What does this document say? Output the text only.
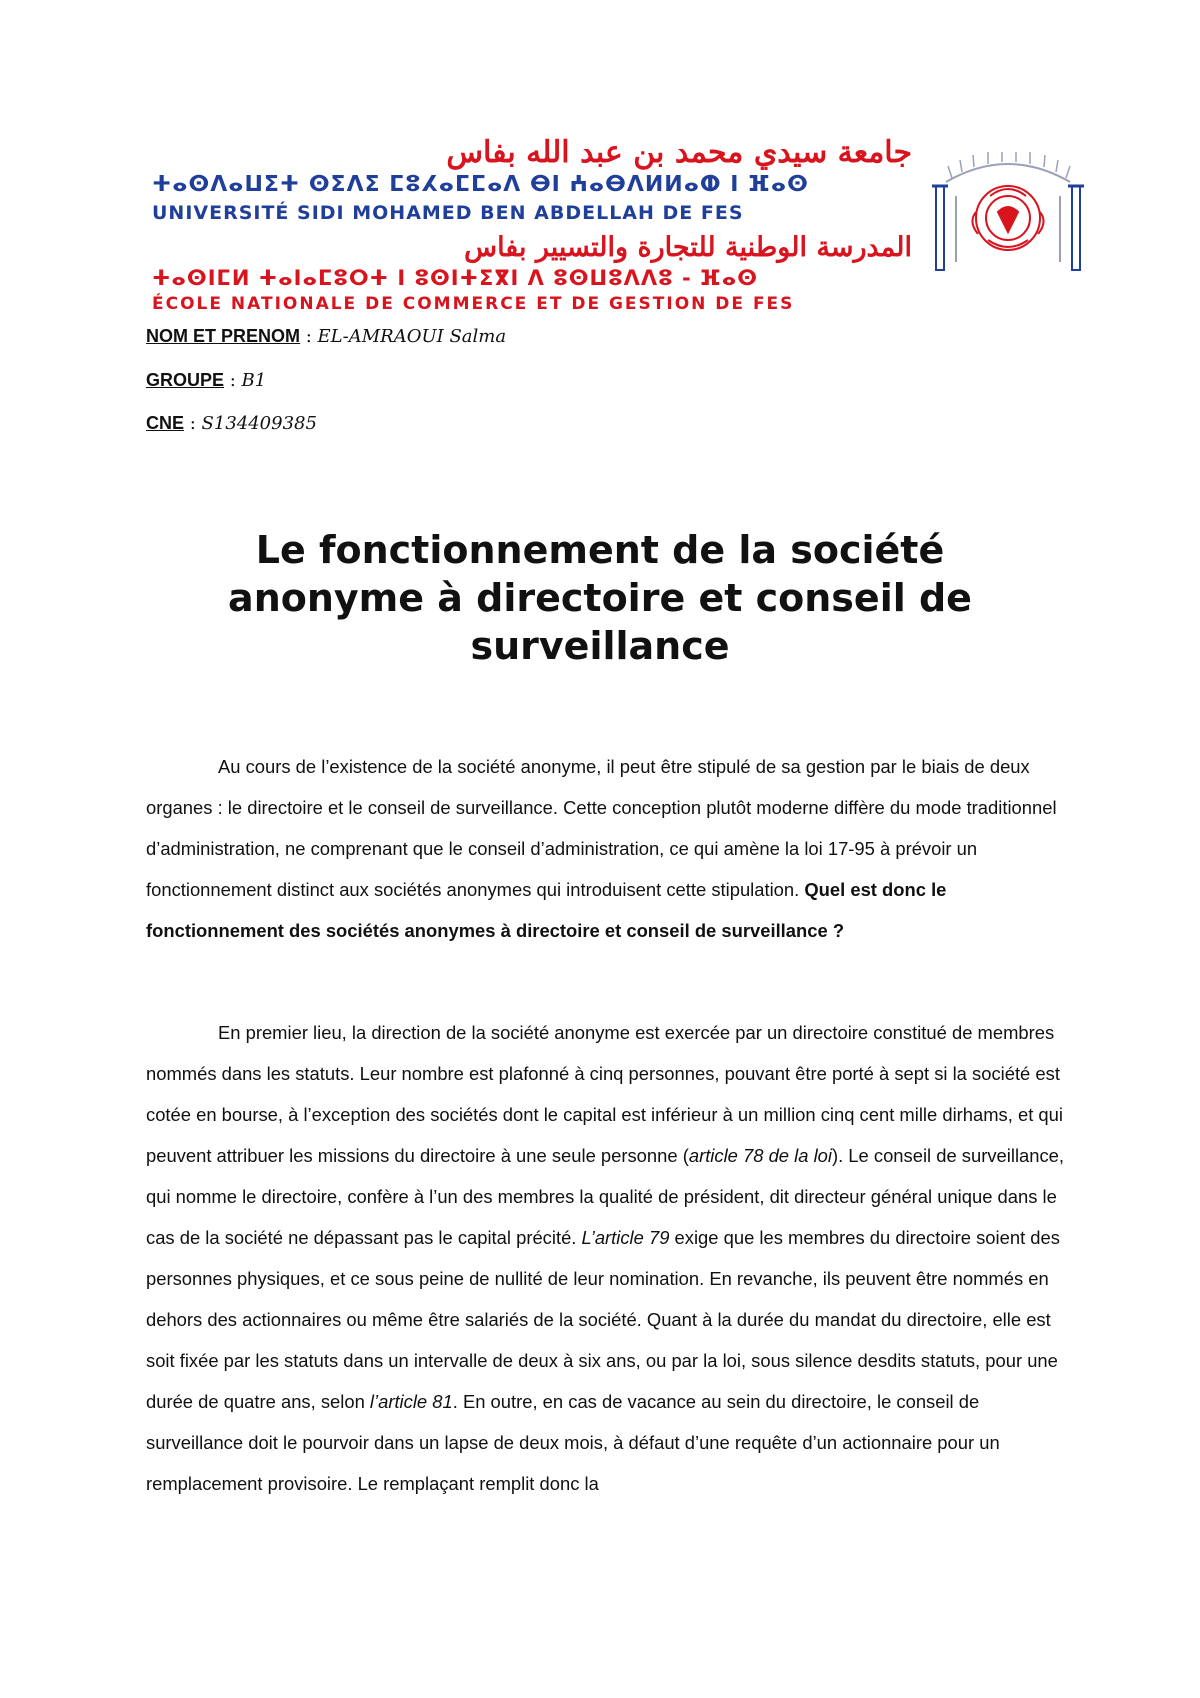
جامعة سيدي محمد بن عبد الله بفاس
ⵜⴰⵙⴷⴰⵡⵉⵜ ⵙⵉⴷⵉ ⵎⵓⵃⴰⵎⵎⴰⴷ ⴱⵏ ⵄⴰⴱⴷⵍⵍⴰⵀ ⵏ ⴼⴰⵙ
UNIVERSITÉ SIDI MOHAMED BEN ABDELLAH DE FES
المدرسة الوطنية للتجارة والتسيير بفاس
ⵜⴰⵙⵏⵎⵍ ⵜⴰⵏⴰⵎⵓⵔⵜ ⵏ ⵓⵙⵏⵜⵉⴳⵏ ⴷ ⵓⵙⵡⵓⴷⴷⵓ - ⴼⴰⵙ
ÉCOLE NATIONALE DE COMMERCE ET DE GESTION DE FES
NOM ET PRENOM : EL-AMRAOUI Salma
GROUPE : B1
CNE : S134409385
Le fonctionnement de la société
anonyme à directoire et conseil de
surveillance

Au cours de l’existence de la société anonyme, il peut être stipulé de sa gestion par le biais de deux organes : le directoire et le conseil de surveillance. Cette conception plutôt moderne diffère du mode traditionnel d’administration, ne comprenant que le conseil d’administration, ce qui amène la loi 17-95 à prévoir un fonctionnement distinct aux sociétés anonymes qui introduisent cette stipulation. Quel est donc le fonctionnement des sociétés anonymes à directoire et conseil de surveillance ?

En premier lieu, la direction de la société anonyme est exercée par un directoire constitué de membres nommés dans les statuts. Leur nombre est plafonné à cinq personnes, pouvant être porté à sept si la société est cotée en bourse, à l’exception des sociétés dont le capital est inférieur à un million cinq cent mille dirhams, et qui peuvent attribuer les missions du directoire à une seule personne (article 78 de la loi). Le conseil de surveillance, qui nomme le directoire, confère à l’un des membres la qualité de président, dit directeur général unique dans le cas de la société ne dépassant pas le capital précité. L’article 79 exige que les membres du directoire soient des personnes physiques, et ce sous peine de nullité de leur nomination. En revanche, ils peuvent être nommés en dehors des actionnaires ou même être salariés de la société. Quant à la durée du mandat du directoire, elle est soit fixée par les statuts dans un intervalle de deux à six ans, ou par la loi, sous silence desdits statuts, pour une durée de quatre ans, selon l’article 81. En outre, en cas de vacance au sein du directoire, le conseil de surveillance doit le pourvoir dans un lapse de deux mois, à défaut d’une requête d’un actionnaire pour un remplacement provisoire. Le remplaçant remplit donc la
